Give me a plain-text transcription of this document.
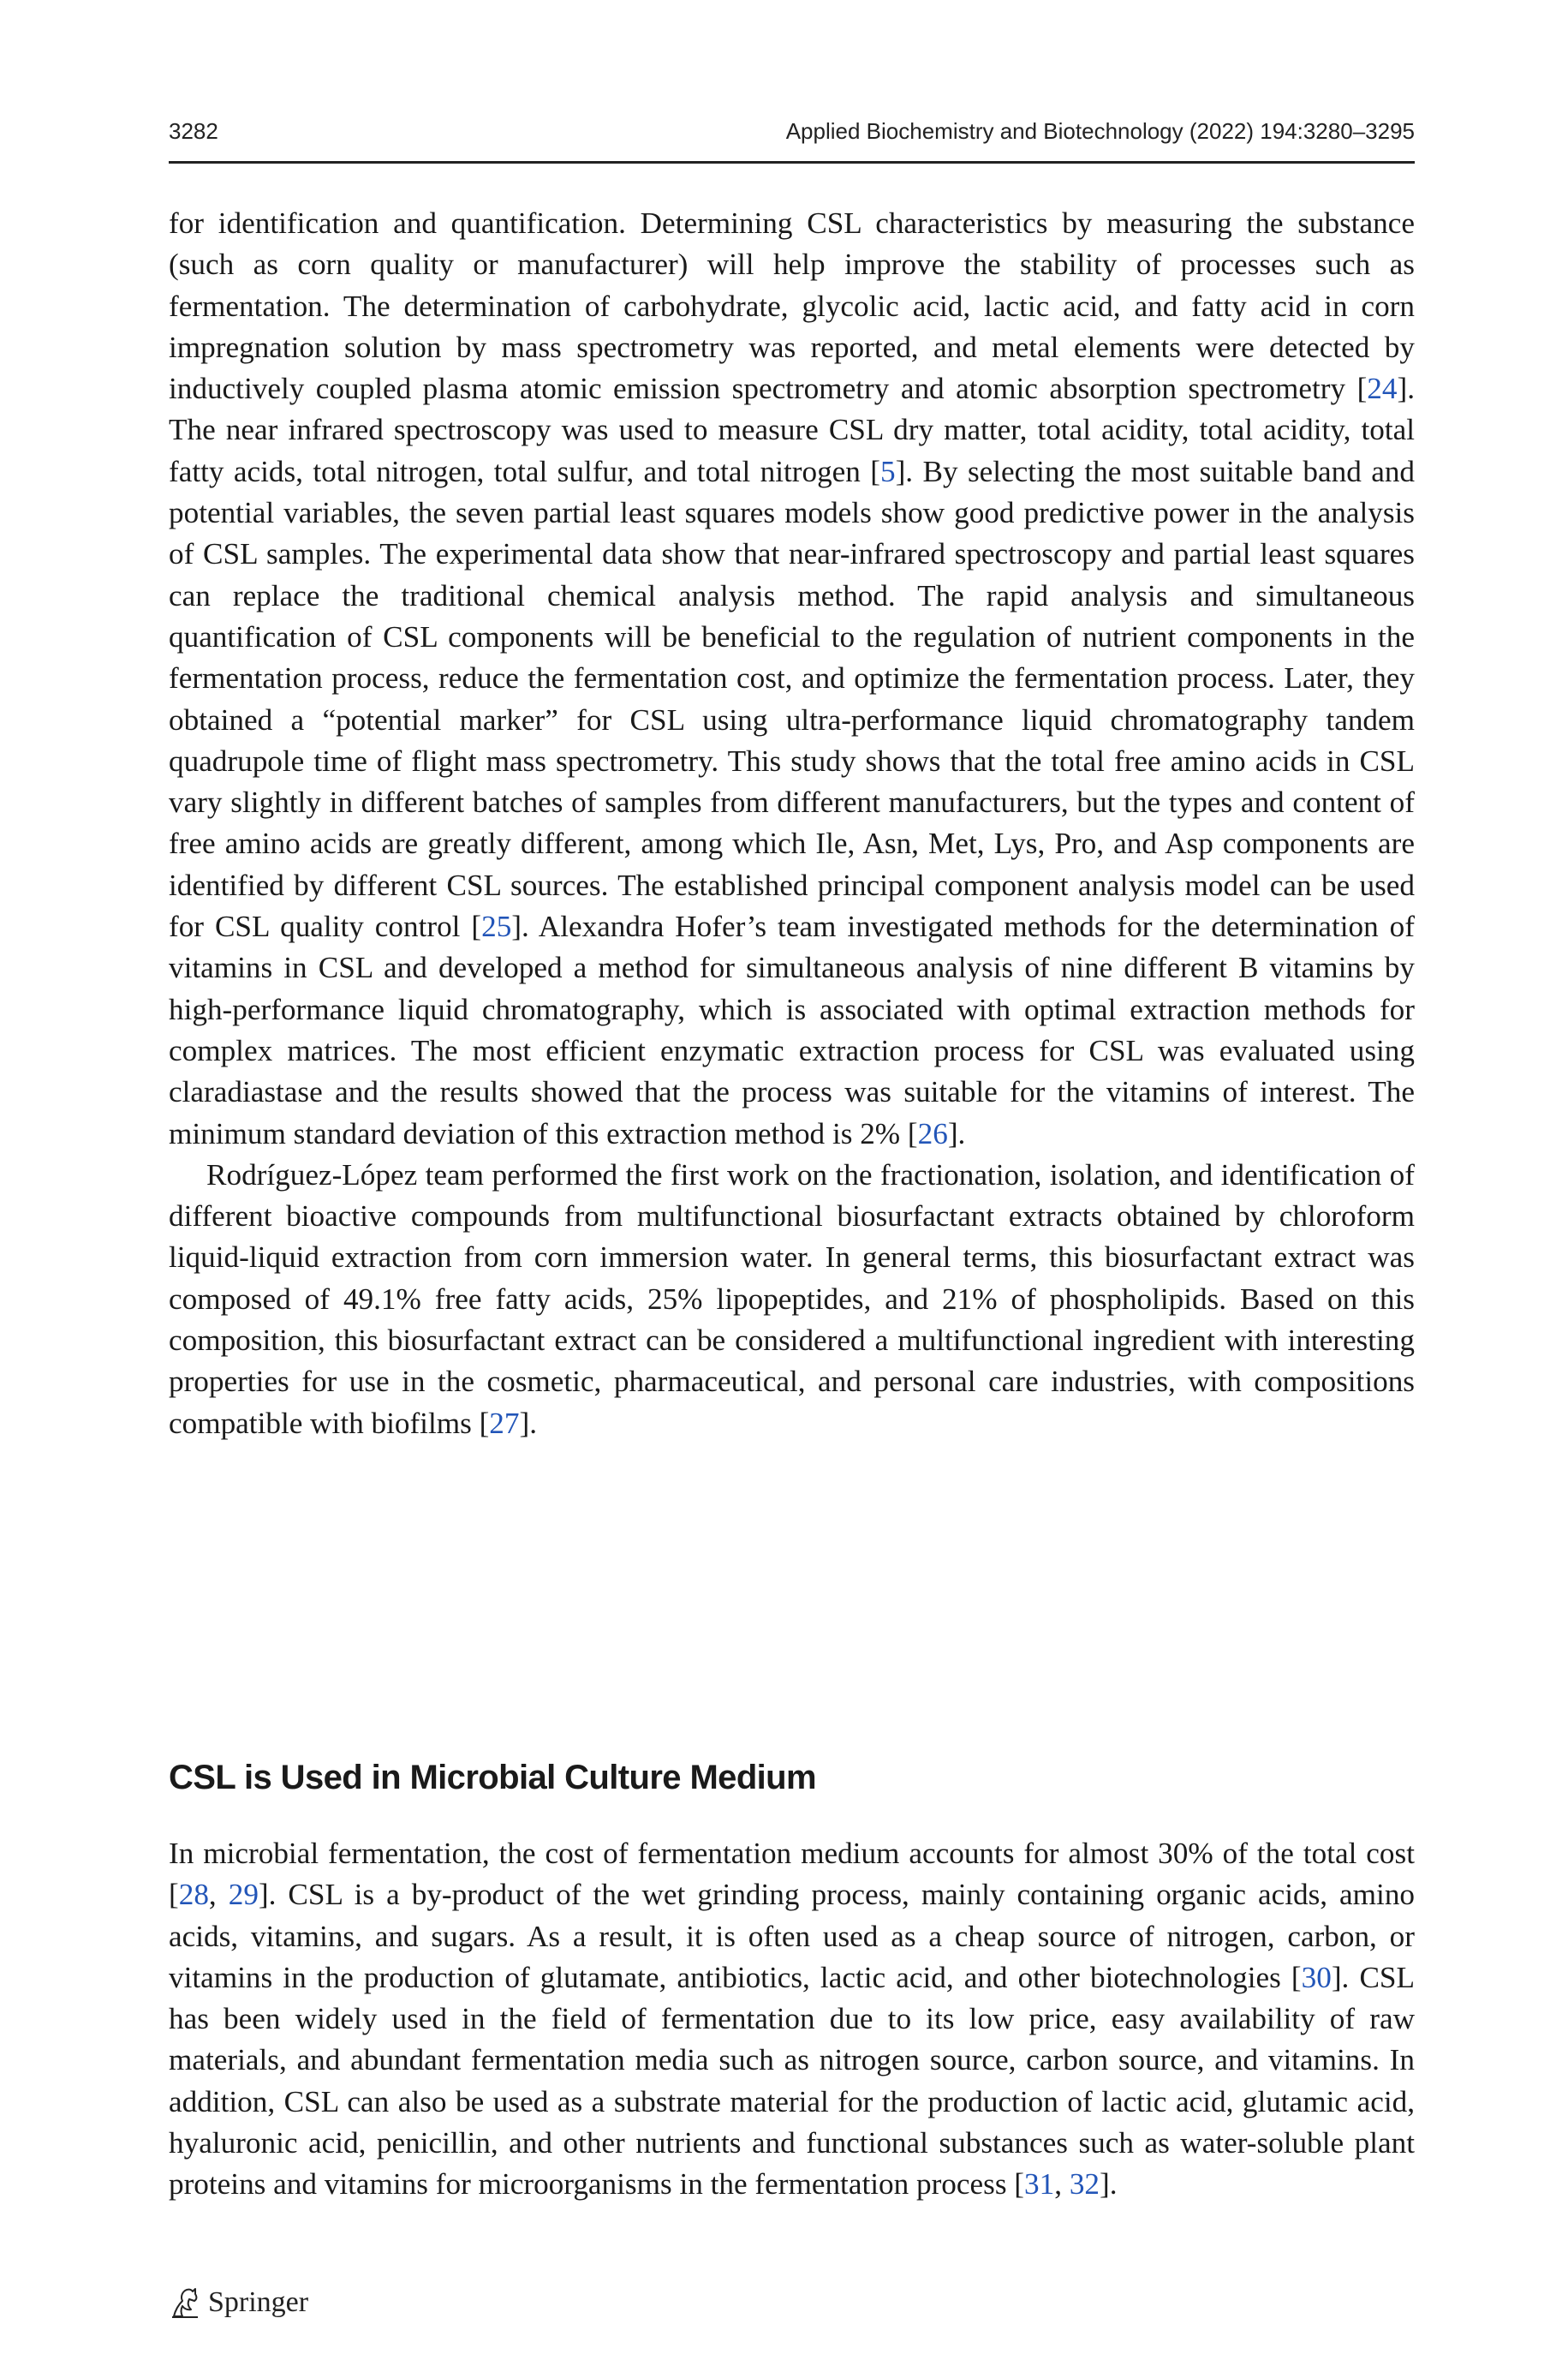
3282	Applied Biochemistry and Biotechnology (2022) 194:3280–3295

for identification and quantification. Determining CSL characteristics by measuring the substance (such as corn quality or manufacturer) will help improve the stability of processes such as fermentation. The determination of carbohydrate, glycolic acid, lactic acid, and fatty acid in corn impregnation solution by mass spectrometry was reported, and metal elements were detected by inductively coupled plasma atomic emission spectrometry and atomic absorption spectrometry [24]. The near infrared spectroscopy was used to measure CSL dry matter, total acidity, total acidity, total fatty acids, total nitrogen, total sulfur, and total nitrogen [5]. By selecting the most suitable band and potential variables, the seven partial least squares models show good predictive power in the analysis of CSL samples. The experimental data show that near-infrared spectroscopy and partial least squares can replace the traditional chemical analysis method. The rapid analysis and simultaneous quantification of CSL components will be beneficial to the regulation of nutrient components in the fermentation process, reduce the fermentation cost, and optimize the fermentation process. Later, they obtained a “potential marker” for CSL using ultra-performance liquid chromatography tandem quadrupole time of flight mass spectrometry. This study shows that the total free amino acids in CSL vary slightly in different batches of samples from different manufacturers, but the types and content of free amino acids are greatly different, among which Ile, Asn, Met, Lys, Pro, and Asp components are identified by different CSL sources. The established principal component analysis model can be used for CSL quality control [25]. Alexandra Hofer’s team investigated methods for the determination of vitamins in CSL and developed a method for simultaneous analysis of nine different B vitamins by high-performance liquid chromatography, which is associated with optimal extraction methods for complex matrices. The most efficient enzymatic extraction process for CSL was evaluated using claradiastase and the results showed that the process was suitable for the vitamins of interest. The minimum standard deviation of this extraction method is 2% [26].

Rodríguez-López team performed the first work on the fractionation, isolation, and identification of different bioactive compounds from multifunctional biosurfactant extracts obtained by chloroform liquid-liquid extraction from corn immersion water. In general terms, this biosurfactant extract was composed of 49.1% free fatty acids, 25% lipopeptides, and 21% of phospholipids. Based on this composition, this biosurfactant extract can be considered a multifunctional ingredient with interesting properties for use in the cosmetic, pharmaceutical, and personal care industries, with compositions compatible with biofilms [27].

CSL is Used in Microbial Culture Medium

In microbial fermentation, the cost of fermentation medium accounts for almost 30% of the total cost [28, 29]. CSL is a by-product of the wet grinding process, mainly containing organic acids, amino acids, vitamins, and sugars. As a result, it is often used as a cheap source of nitrogen, carbon, or vitamins in the production of glutamate, antibiotics, lactic acid, and other biotechnologies [30]. CSL has been widely used in the field of fermentation due to its low price, easy availability of raw materials, and abundant fermentation media such as nitrogen source, carbon source, and vitamins. In addition, CSL can also be used as a substrate material for the production of lactic acid, glutamic acid, hyaluronic acid, penicillin, and other nutrients and functional substances such as water-soluble plant proteins and vitamins for microorganisms in the fermentation process [31, 32].

Springer
